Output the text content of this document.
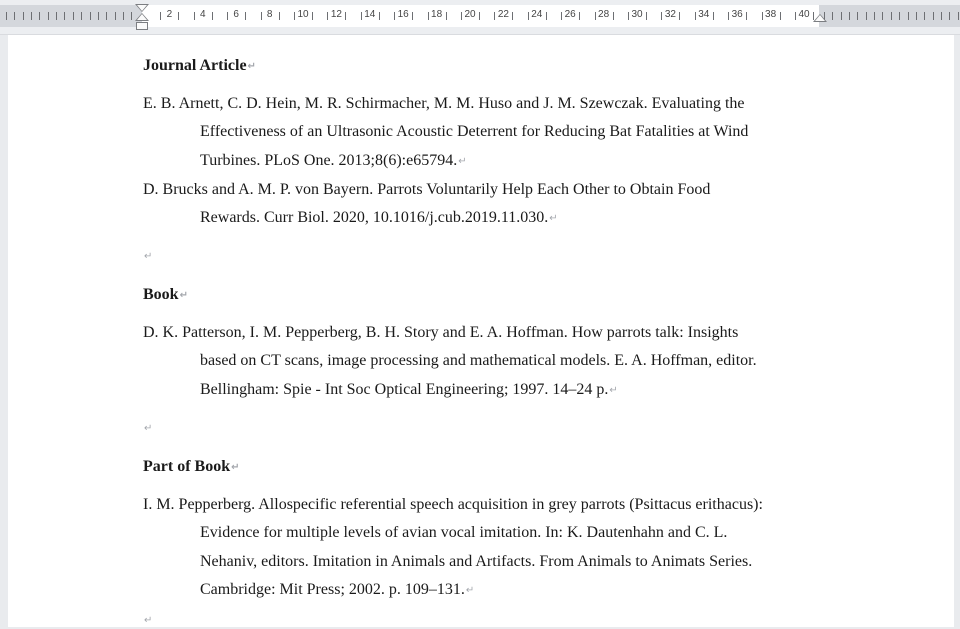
2	4	6	8	10 12 14 16 18 20 22 24 26 28 30 32 34 36 38 40
Journal Article↵
E. B. Arnett, C. D. Hein, M. R. Schirmacher, M. M. Huso and J. M. Szewczak. Evaluating the
Effectiveness of an Ultrasonic Acoustic Deterrent for Reducing Bat Fatalities at Wind
Turbines. PLoS One. 2013;8(6):e65794.↵
D. Brucks and A. M. P. von Bayern. Parrots Voluntarily Help Each Other to Obtain Food
Rewards. Curr Biol. 2020, 10.1016/j.cub.2019.11.030.↵
↵
Book↵
D. K. Patterson, I. M. Pepperberg, B. H. Story and E. A. Hoffman. How parrots talk: Insights
based on CT scans, image processing and mathematical models. E. A. Hoffman, editor.
Bellingham: Spie - Int Soc Optical Engineering; 1997. 14–24 p.↵
↵
Part of Book↵
I. M. Pepperberg. Allospecific referential speech acquisition in grey parrots (Psittacus erithacus):
Evidence for multiple levels of avian vocal imitation. In: K. Dautenhahn and C. L.
Nehaniv, editors. Imitation in Animals and Artifacts. From Animals to Animats Series.
Cambridge: Mit Press; 2002. p. 109–131.↵
↵
